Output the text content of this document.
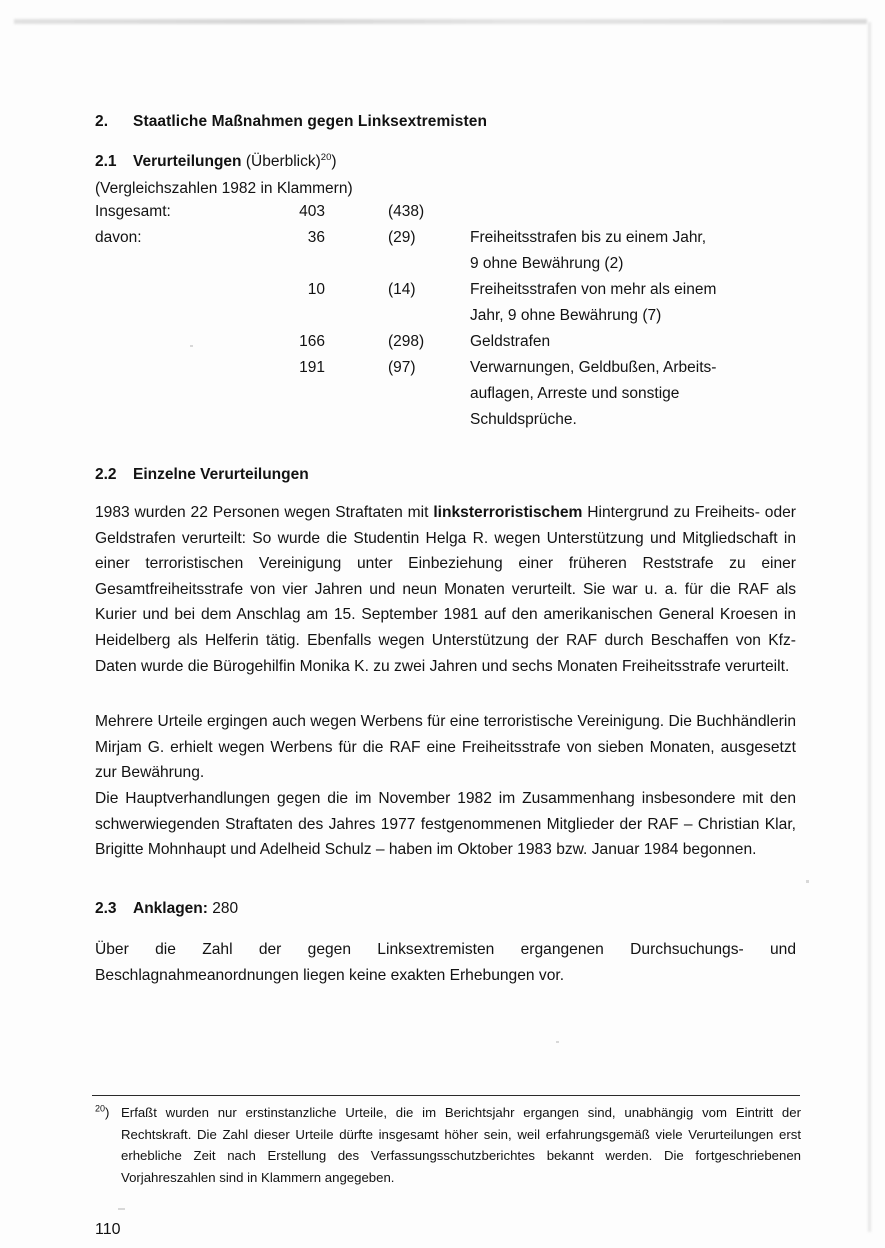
2. Staatliche Maßnahmen gegen Linksextremisten
2.1 Verurteilungen (Überblick)$^{20}$)
(Vergleichszahlen 1982 in Klammern)
Insgesamt:	403	(438)
davon:	36	(29)	Freiheitsstrafen bis zu einem Jahr,
9 ohne Bewährung (2)
10	(14)	Freiheitsstrafen von mehr als einem
Jahr, 9 ohne Bewährung (7)
166	(298)	Geldstrafen
191	(97)	Verwarnungen, Geldbußen, Arbeits-
auflagen, Arreste und sonstige
Schuldsprüche.
2.2 Einzelne Verurteilungen
1983 wurden 22 Personen wegen Straftaten mit linksterroristischem Hintergrund zu Freiheits- oder Geldstrafen verurteilt: So wurde die Studentin Helga R. wegen Unterstützung und Mitgliedschaft in einer terroristischen Vereinigung unter Einbeziehung einer früheren Reststrafe zu einer Gesamtfreiheitsstrafe von vier Jahren und neun Monaten verurteilt. Sie war u. a. für die RAF als Kurier und bei dem Anschlag am 15. September 1981 auf den amerikanischen General Kroesen in Heidelberg als Helferin tätig. Ebenfalls wegen Unterstützung der RAF durch Beschaffen von Kfz-Daten wurde die Bürogehilfin Monika K. zu zwei Jahren und sechs Monaten Freiheitsstrafe verurteilt.
Mehrere Urteile ergingen auch wegen Werbens für eine terroristische Vereinigung. Die Buchhändlerin Mirjam G. erhielt wegen Werbens für die RAF eine Freiheitsstrafe von sieben Monaten, ausgesetzt zur Bewährung.
Die Hauptverhandlungen gegen die im November 1982 im Zusammenhang insbesondere mit den schwerwiegenden Straftaten des Jahres 1977 festgenommenen Mitglieder der RAF – Christian Klar, Brigitte Mohnhaupt und Adelheid Schulz – haben im Oktober 1983 bzw. Januar 1984 begonnen.
2.3 Anklagen: 280
Über die Zahl der gegen Linksextremisten ergangenen Durchsuchungs- und Beschlagnahmeanordnungen liegen keine exakten Erhebungen vor.
$^{20}$) Erfaßt wurden nur erstinstanzliche Urteile, die im Berichtsjahr ergangen sind, unabhängig vom Eintritt der Rechtskraft. Die Zahl dieser Urteile dürfte insgesamt höher sein, weil erfahrungsgemäß viele Verurteilungen erst erhebliche Zeit nach Erstellung des Verfassungsschutzberichtes bekannt werden. Die fortgeschriebenen Vorjahreszahlen sind in Klammern angegeben.
110
